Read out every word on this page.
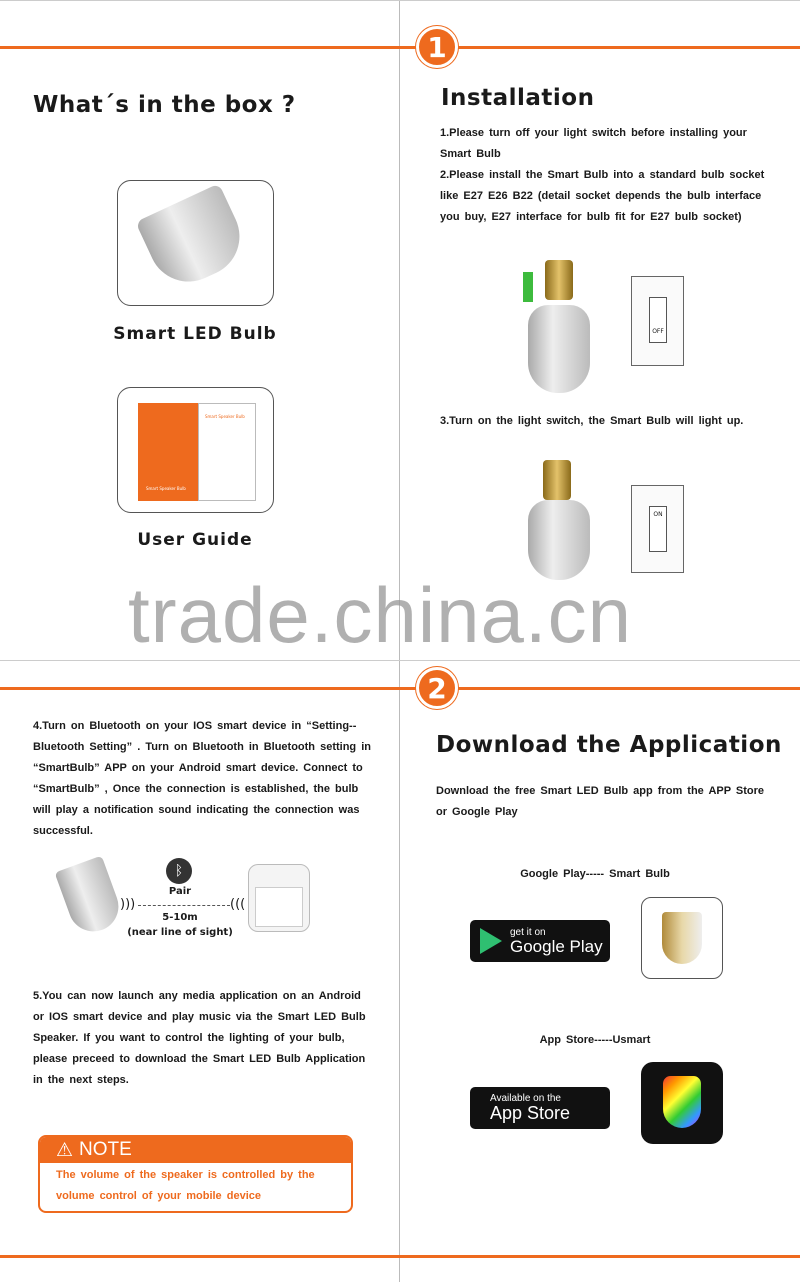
1
2
What´s in the box ?
Smart LED Bulb
Smart Speaker Bulb
Smart Speaker Bulb
User Guide
Installation
1.Please turn off your light switch before installing your Smart Bulb
2.Please install the Smart Bulb into a standard bulb socket like E27 E26 B22 (detail socket depends the bulb interface you buy, E27 interface for bulb fit for E27 bulb socket)
OFF
3.Turn on the light switch, the Smart Bulb will light up.
ON
trade.china.cn
4.Turn on Bluetooth on your IOS smart device in “Setting--Bluetooth Setting” . Turn on Bluetooth in Bluetooth setting in “SmartBulb” APP on your Android smart device. Connect to “SmartBulb” , Once the connection is established, the bulb will play a notification sound indicating the connection was successful.
ᛒ
Pair
)))	(((
5-10m
(near line of sight)
5.You can now launch any media application on an Android or IOS smart device and play music via the Smart LED Bulb Speaker. If you want to control the lighting of your bulb, please preceed to download the Smart LED Bulb Application in the next steps.
⚠ NOTE
The volume of the speaker is controlled by the volume control of your mobile device
Download the Application
Download the free Smart LED Bulb app from the APP Store or Google Play
Google Play----- Smart Bulb
get it on
Google Play
App Store-----Usmart
Available on the
App Store
